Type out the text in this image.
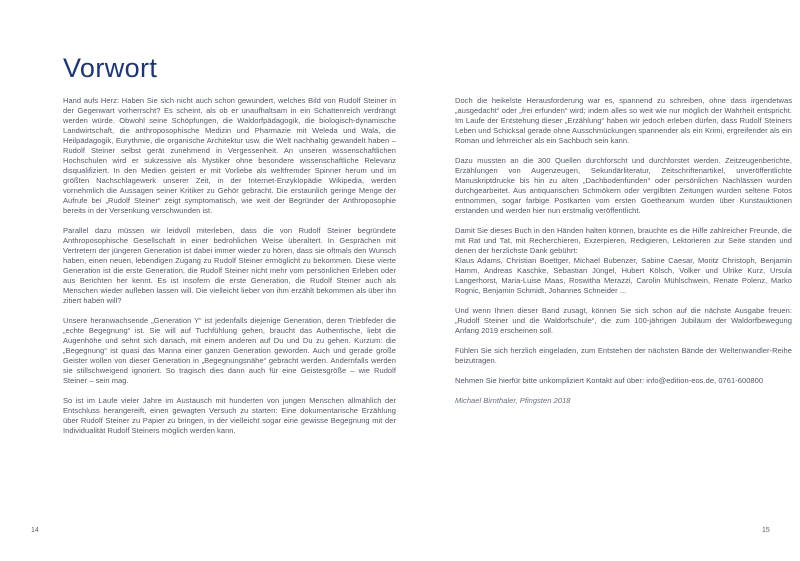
Vorwort

Hand aufs Herz: Haben Sie sich nicht auch schon gewundert, welches Bild von Rudolf Steiner in der Gegenwart vorherrscht? Es scheint, als ob er unaufhaltsam in ein Schattenreich verdrängt werden würde. Obwohl seine Schöpfungen, die Waldorfpädagogik, die biologisch-dynamische Landwirtschaft, die anthroposophische Medizin und Pharmazie mit Weleda und Wala, die Heilpädagogik, Eurythmie, die organische Architektur usw. die Welt nachhaltig gewandelt haben – Rudolf Steiner selbst gerät zunehmend in Vergessenheit. An unseren wissenschaftlichen Hochschulen wird er sukzessive als Mystiker ohne besondere wissenschaftliche Relevanz disqualifiziert. In den Medien geistert er mit Vorliebe als weltfremder Spinner herum und im größten Nachschlagewerk unserer Zeit, in der Internet-Enzyklopädie Wikipedia, werden vornehmlich die Aussagen seiner Kritiker zu Gehör gebracht. Die erstaunlich geringe Menge der Aufrufe bei „Rudolf Steiner“ zeigt symptomatisch, wie weit der Begründer der Anthroposophie bereits in der Versenkung verschwunden ist.

Parallel dazu müssen wir leidvoll miterleben, dass die von Rudolf Steiner begründete Anthroposophische Gesellschaft in einer bedrohlichen Weise überaltert. In Gesprächen mit Vertretern der jüngeren Generation ist dabei immer wieder zu hören, dass sie oftmals den Wunsch haben, einen neuen, lebendigen Zugang zu Rudolf Steiner ermöglicht zu bekommen. Diese vierte Generation ist die erste Generation, die Rudolf Steiner nicht mehr vom persönlichen Erleben oder aus Berichten her kennt. Es ist insofern die erste Generation, die Rudolf Steiner auch als Menschen wieder aufleben lassen will. Die vielleicht lieber von ihm erzählt bekommen als über ihn zitiert haben will?

Unsere heranwachsende „Generation Y“ ist jedenfalls diejenige Generation, deren Triebfeder die „echte Begegnung“ ist. Sie will auf Tuchfühlung gehen, braucht das Authentische, liebt die Augenhöhe und sehnt sich danach, mit einem anderen auf Du und Du zu gehen. Kurzum: die „Begegnung“ ist quasi das Manna einer ganzen Generation geworden. Auch und gerade große Geister wollen von dieser Generation in „Begegnungsnähe“ gebracht werden. Andernfalls werden sie stillschweigend ignoriert. So tragisch dies dann auch für eine Geistesgröße – wie Rudolf Steiner – sein mag.

So ist im Laufe vieler Jahre im Austausch mit hunderten von jungen Menschen allmählich der Entschluss herangereift, einen gewagten Versuch zu starten: Eine dokumentarische Erzählung über Rudolf Steiner zu Papier zu bringen, in der vielleicht sogar eine gewisse Begegnung mit der Individualität Rudolf Steiners möglich werden kann.

Doch die heikelste Herausforderung war es, spannend zu schreiben, ohne dass irgendetwas „ausgedacht“ oder „frei erfunden“ wird; indem alles so weit wie nur möglich der Wahrheit entspricht. Im Laufe der Entstehung dieser „Erzählung“ haben wir jedoch erleben dürfen, dass Rudolf Steiners Leben und Schicksal gerade ohne Ausschmückungen spannender als ein Krimi, ergreifender als ein Roman und lehrreicher als ein Sachbuch sein kann.

Dazu mussten an die 300 Quellen durchforscht und durchforstet werden. Zeitzeugenberichte, Erzählungen von Augenzeugen, Sekundärliteratur, Zeitschriftenartikel, unveröffentlichte Manuskriptdrucke bis hin zu alten „Dachbodenfunden“ oder persönlichen Nachlässen wurden durchgearbeitet. Aus antiquarischen Schmökern oder vergilbten Zeitungen wurden seltene Fotos entnommen, sogar farbige Postkarten vom ersten Goetheanum wurden über Kunstauktionen erstanden und werden hier nun erstmalig veröffentlicht.

Damit Sie dieses Buch in den Händen halten können, brauchte es die Hilfe zahlreicher Freunde, die mit Rat und Tat, mit Recherchieren, Exzerpieren, Redigieren, Lektorieren zur Seite standen und denen der herzlichste Dank gebührt:

Klaus Adams, Christian Boettger, Michael Bubenzer, Sabine Caesar, Moritz Christoph, Benjamin Hamm, Andreas Kaschke, Sebastian Jüngel, Hubert Kölsch, Volker und Ulrike Kurz, Ursula Langerhorst, Maria-Luise Maas, Roswitha Merazzi, Carolin Mühlschwein, Renate Polenz, Marko Rognic, Benjamin Schmidt, Johannes Schneider ...

Und wenn Ihnen dieser Band zusagt, können Sie sich schon auf die nächste Ausgabe freuen: „Rudolf Steiner und die Waldorfschule“, die zum 100-jährigen Jubiläum der Waldorfbewegung Anfang 2019 erscheinen soll.

Fühlen Sie sich herzlich eingeladen, zum Entstehen der nächsten Bände der Weltenwandler-Reihe beizutragen.

Nehmen Sie hierfür bitte unkompliziert Kontakt auf über: info@edition-eos.de, 0761-600800

Michael Birnthaler, Pfingsten 2018

14	15
